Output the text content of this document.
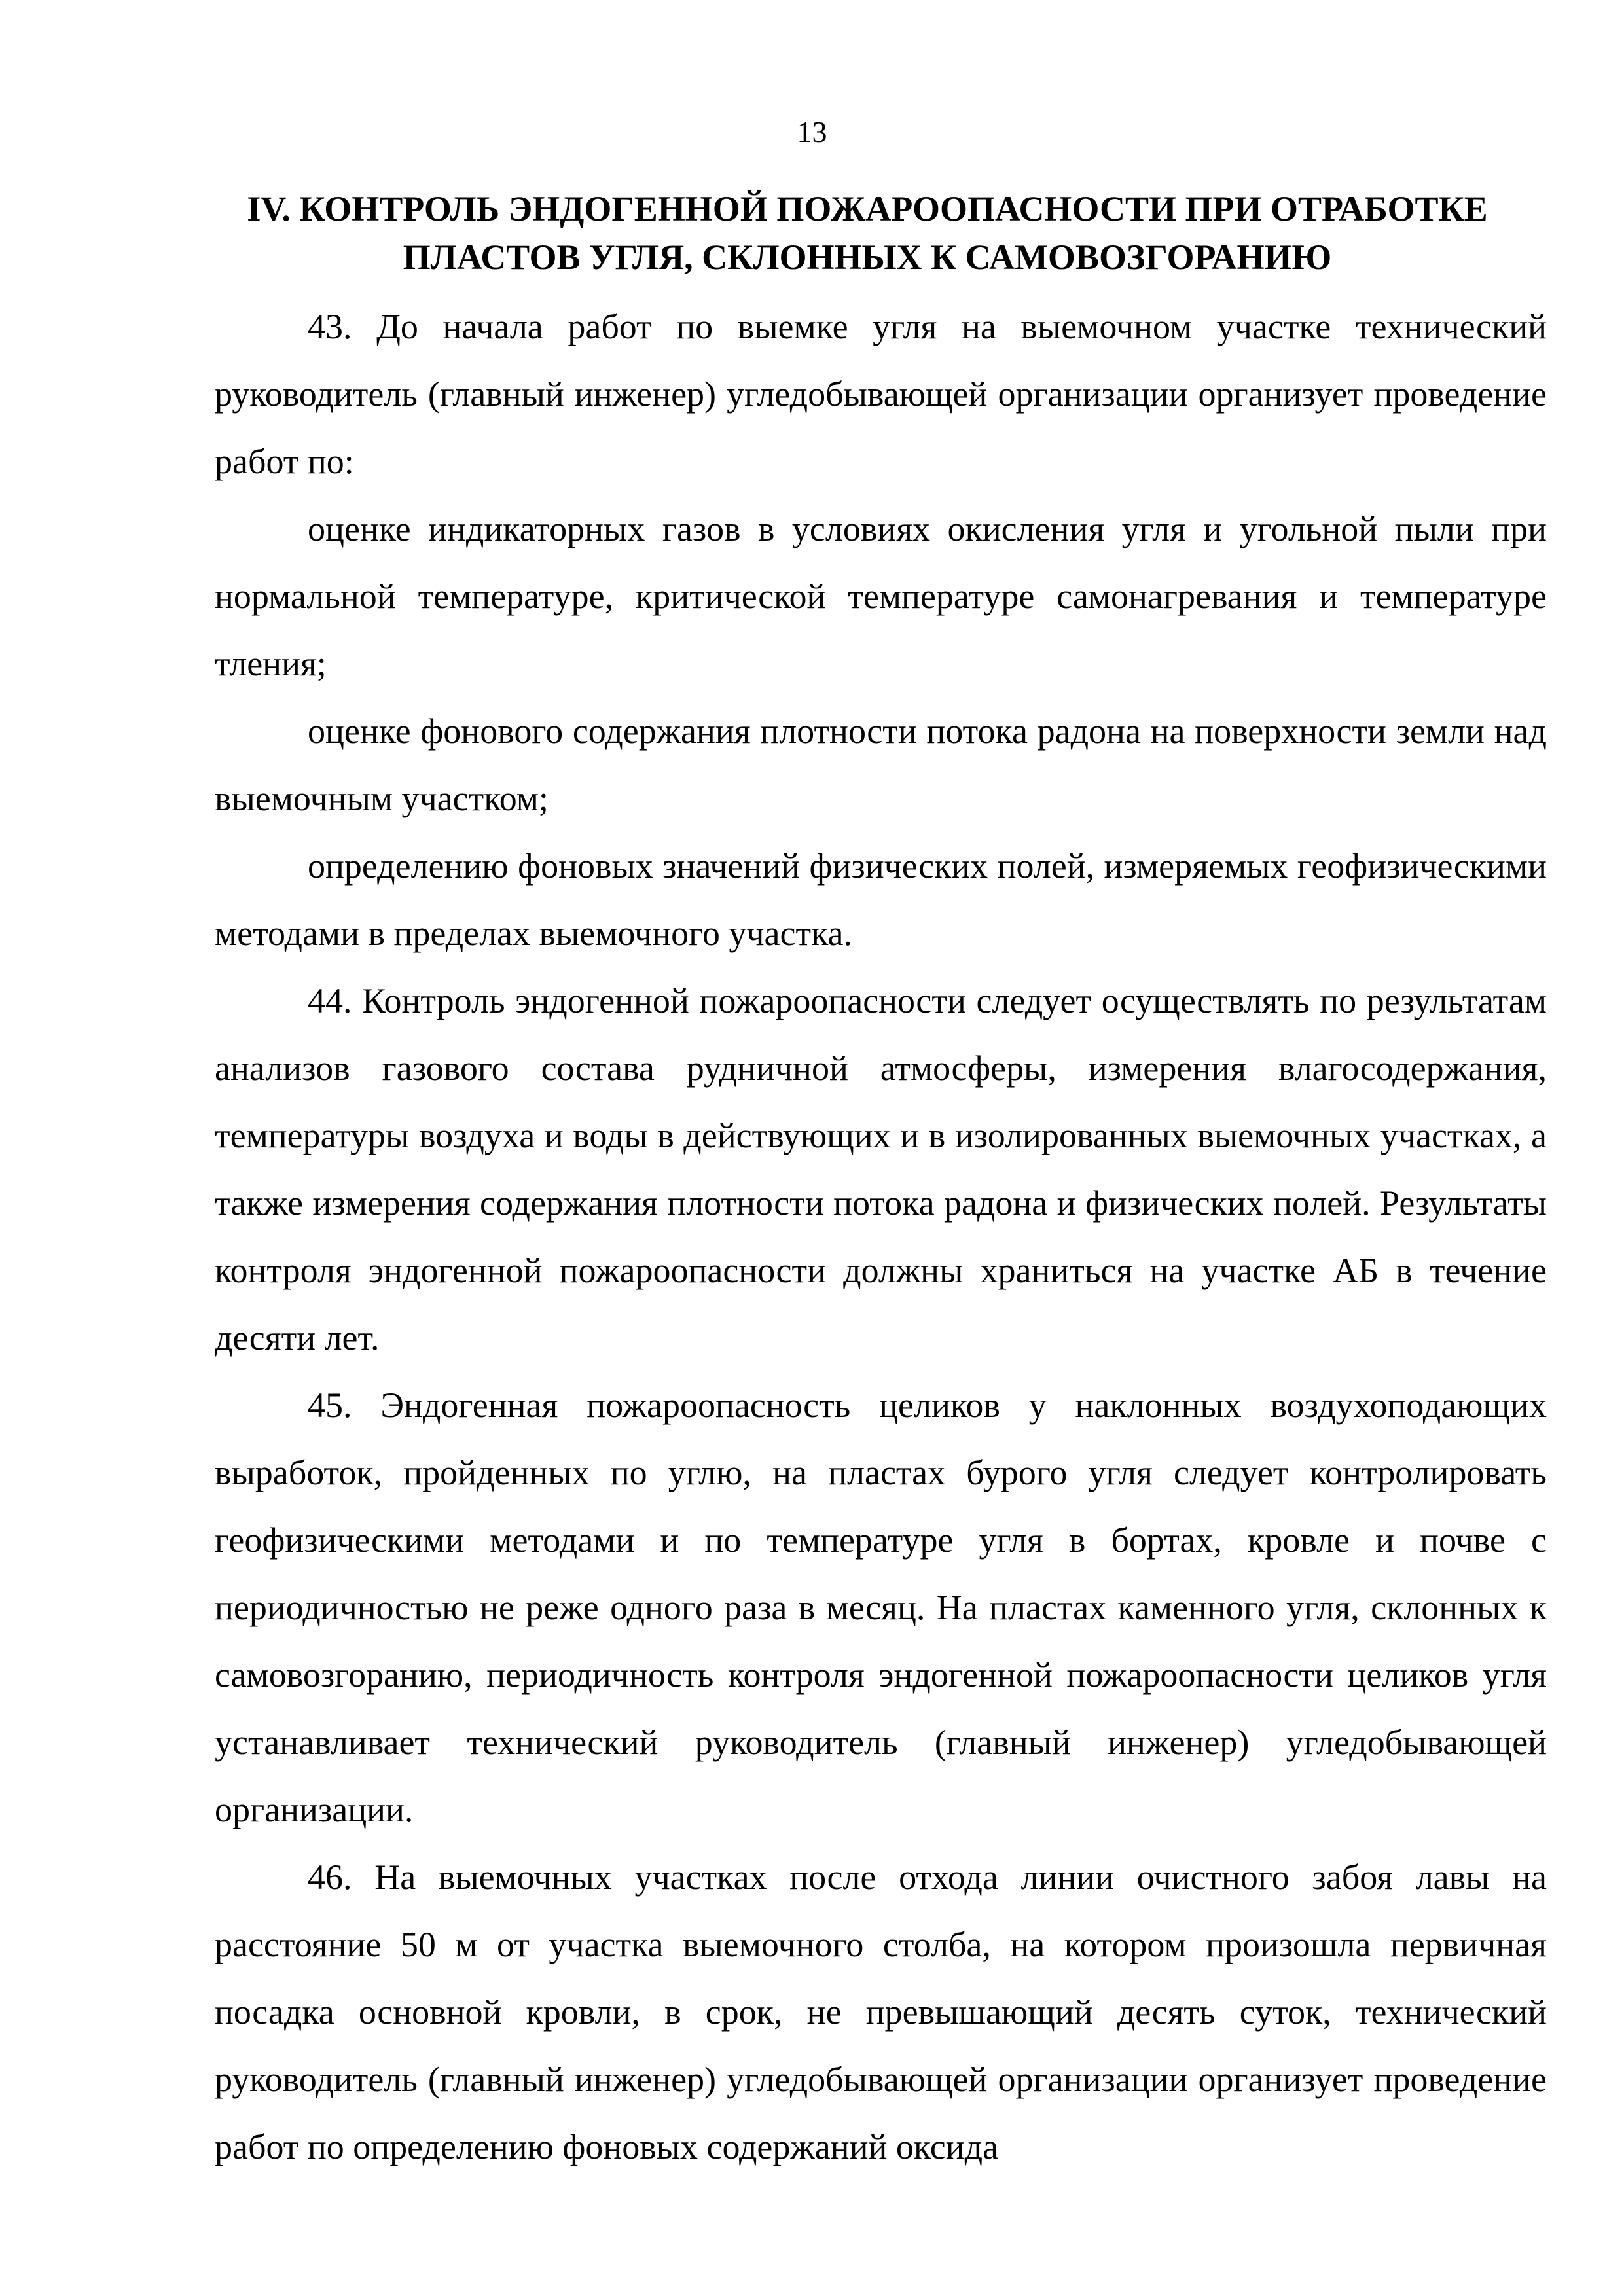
13
IV. КОНТРОЛЬ ЭНДОГЕННОЙ ПОЖАРООПАСНОСТИ ПРИ ОТРАБОТКЕ
ПЛАСТОВ УГЛЯ, СКЛОННЫХ К САМОВОЗГОРАНИЮ

43. До начала работ по выемке угля на выемочном участке технический руководитель (главный инженер) угледобывающей организации организует проведение работ по:

оценке индикаторных газов в условиях окисления угля и угольной пыли при нормальной температуре, критической температуре самонагревания и температуре тления;

оценке фонового содержания плотности потока радона на поверхности земли над выемочным участком;

определению фоновых значений физических полей, измеряемых геофизическими методами в пределах выемочного участка.

44. Контроль эндогенной пожароопасности следует осуществлять по результатам анализов газового состава рудничной атмосферы, измерения влагосодержания, температуры воздуха и воды в действующих и в изолированных выемочных участках, а также измерения содержания плотности потока радона и физических полей. Результаты контроля эндогенной пожароопасности должны храниться на участке АБ в течение десяти лет.

45. Эндогенная пожароопасность целиков у наклонных воздухоподающих выработок, пройденных по углю, на пластах бурого угля следует контролировать геофизическими методами и по температуре угля в бортах, кровле и почве с периодичностью не реже одного раза в месяц. На пластах каменного угля, склонных к самовозгоранию, периодичность контроля эндогенной пожароопасности целиков угля устанавливает технический руководитель (главный инженер) угледобывающей организации.

46. На выемочных участках после отхода линии очистного забоя лавы на расстояние 50 м от участка выемочного столба, на котором произошла первичная посадка основной кровли, в срок, не превышающий десять суток, технический руководитель (главный инженер) угледобывающей организации организует проведение работ по определению фоновых содержаний оксида
